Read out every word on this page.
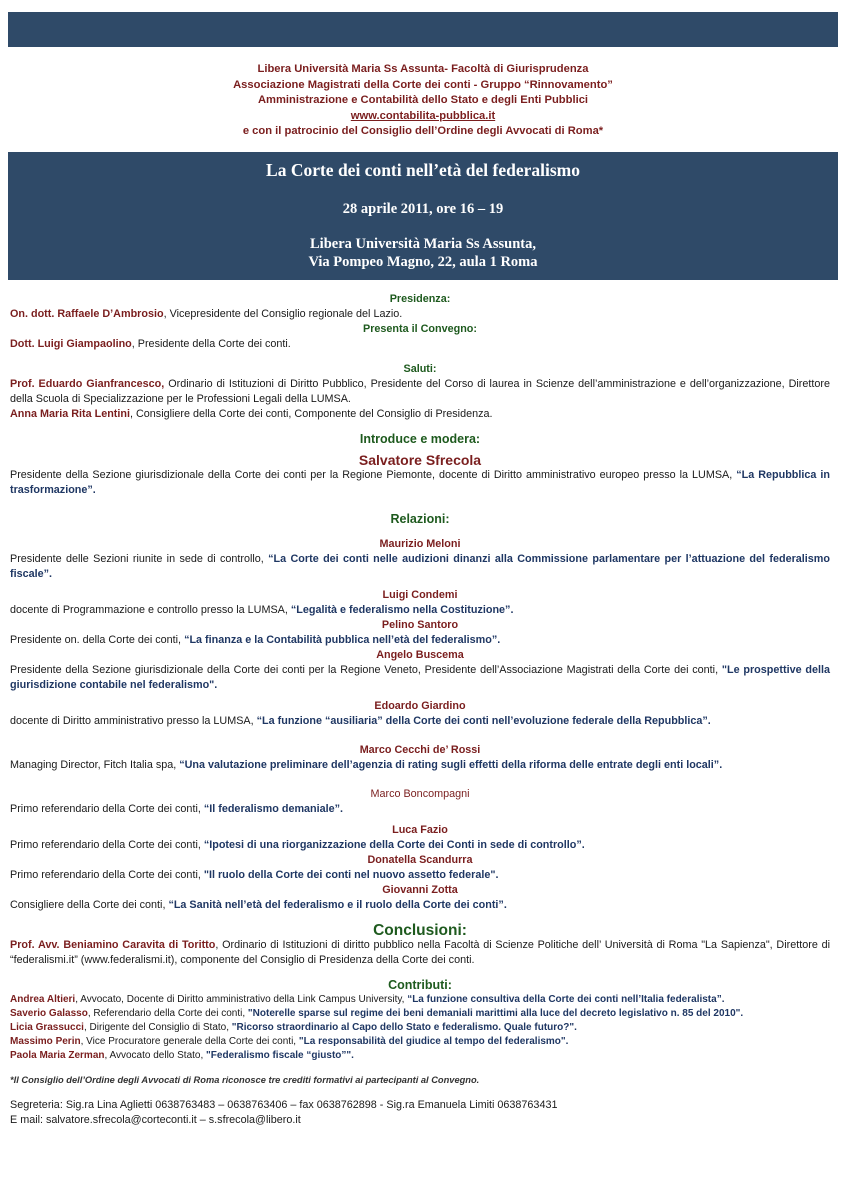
Libera Università Maria Ss Assunta- Facoltà di Giurisprudenza
Associazione Magistrati della Corte dei conti - Gruppo “Rinnovamento”
Amministrazione e Contabilità dello Stato e degli Enti Pubblici
www.contabilita-pubblica.it
e con il patrocinio del Consiglio dell’Ordine degli Avvocati di Roma*
La Corte dei conti nell’età del federalismo
28 aprile 2011, ore 16 – 19
Libera Università Maria Ss Assunta,
Via Pompeo Magno, 22, aula 1 Roma
Presidenza:

On. dott. Raffaele D’Ambrosio, Vicepresidente del Consiglio regionale del Lazio.

Presenta il Convegno:

Dott. Luigi Giampaolino, Presidente della Corte dei conti.

Saluti:

Prof. Eduardo Gianfrancesco, Ordinario di Istituzioni di Diritto Pubblico, Presidente del Corso di laurea in Scienze dell’amministrazione e dell’organizzazione, Direttore della Scuola di Specializzazione per le Professioni Legali della LUMSA.

Anna Maria Rita Lentini, Consigliere della Corte dei conti, Componente del Consiglio di Presidenza.

Introduce e modera:
Salvatore Sfrecola

Presidente della Sezione giurisdizionale della Corte dei conti per la Regione Piemonte, docente di Diritto amministrativo europeo presso la LUMSA, “La Repubblica in trasformazione”.

Relazioni:
Maurizio Meloni

Presidente delle Sezioni riunite in sede di controllo, “La Corte dei conti nelle audizioni dinanzi alla Commissione parlamentare per l’attuazione del federalismo fiscale”.

Luigi Condemi

docente di Programmazione e controllo presso la LUMSA, “Legalità e federalismo nella Costituzione”.

Pelino Santoro

Presidente on. della Corte dei conti, “La finanza e la Contabilità pubblica nell’età del federalismo”.

Angelo Buscema

Presidente della Sezione giurisdizionale della Corte dei conti per la Regione Veneto, Presidente dell’Associazione Magistrati della Corte dei conti, "Le prospettive della giurisdizione contabile nel federalismo".

Edoardo Giardino

docente di Diritto amministrativo presso la LUMSA, “La funzione “ausiliaria” della Corte dei conti nell’evoluzione federale della Repubblica”.

Marco Cecchi de’ Rossi

Managing Director, Fitch Italia spa, “Una valutazione preliminare dell’agenzia di rating sugli effetti della riforma delle entrate degli enti locali”.

Marco Boncompagni

Primo referendario della Corte dei conti, “Il federalismo demaniale”.

Luca Fazio

Primo referendario della Corte dei conti, “Ipotesi di una riorganizzazione della Corte dei Conti in sede di controllo”.

Donatella Scandurra

Primo referendario della Corte dei conti, "Il ruolo della Corte dei conti nel nuovo assetto federale".

Giovanni Zotta

Consigliere della Corte dei conti, “La Sanità nell’età del federalismo e il ruolo della Corte dei conti”.

Conclusioni:

Prof. Avv. Beniamino Caravita di Toritto, Ordinario di Istituzioni di diritto pubblico nella Facoltà di Scienze Politiche dell’ Università di Roma "La Sapienza", Direttore di “federalismi.it” (www.federalismi.it), componente del Consiglio di Presidenza della Corte dei conti.

Contributi:

Andrea Altieri, Avvocato, Docente di Diritto amministrativo della Link Campus University, “La funzione consultiva della Corte dei conti nell’Italia federalista”.

Saverio Galasso, Referendario della Corte dei conti, "Noterelle sparse sul regime dei beni demaniali marittimi alla luce del decreto legislativo n. 85 del 2010".

Licia Grassucci, Dirigente del Consiglio di Stato, "Ricorso straordinario al Capo dello Stato e federalismo. Quale futuro?".

Massimo Perin, Vice Procuratore generale della Corte dei conti, "La responsabilità del giudice al tempo del federalismo".

Paola Maria Zerman, Avvocato dello Stato, "Federalismo fiscale “giusto”".

*Il Consiglio dell’Ordine degli Avvocati di Roma riconosce tre crediti formativi ai partecipanti al Convegno.

Segreteria: Sig.ra Lina Aglietti 0638763483 – 0638763406 – fax 0638762898 - Sig.ra Emanuela Limiti 0638763431

E mail: salvatore.sfrecola@corteconti.it – s.sfrecola@libero.it
